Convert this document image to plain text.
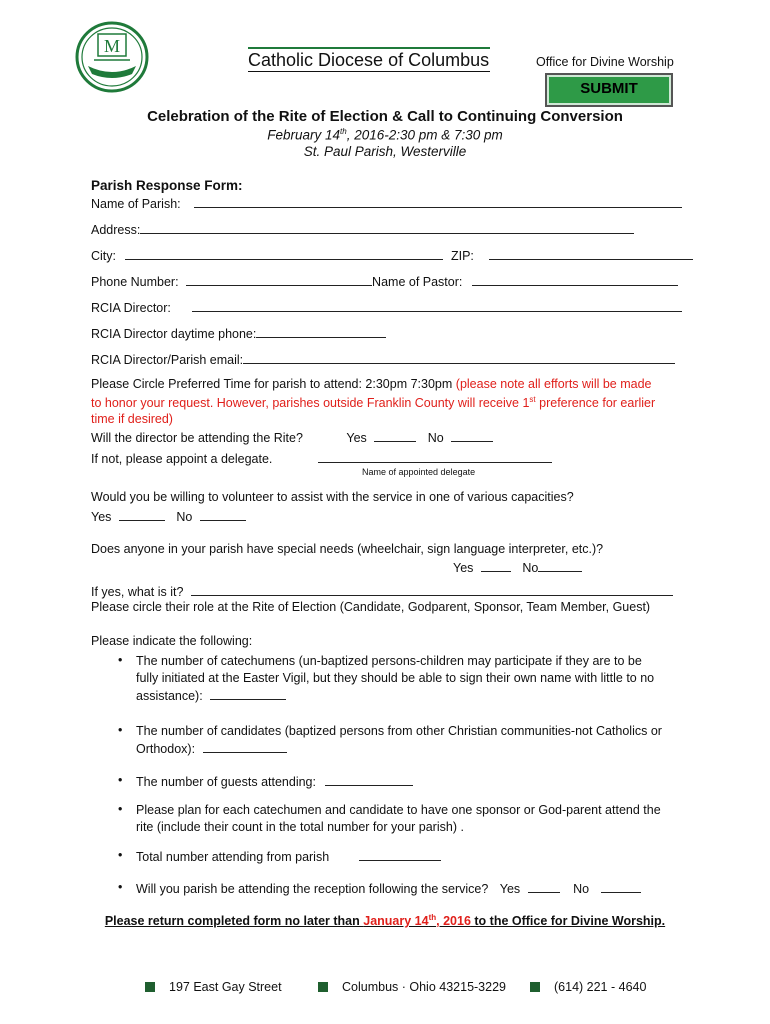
M
Catholic Diocese of Columbus	Office for Divine Worship
SUBMIT
Celebration of the Rite of Election & Call to Continuing Conversion
February 14th, 2016-2:30 pm & 7:30 pm
St. Paul Parish, Westerville
Parish Response Form:
Name of Parish:
Address:
City:	ZIP:
Phone Number:	Name of Pastor:
RCIA Director:
RCIA Director daytime phone:
RCIA Director/Parish email:
Please Circle Preferred Time for parish to attend: 2:30pm 7:30pm (please note all efforts will be made
to honor your request. However, parishes outside Franklin County will receive 1st preference for earlier
time if desired)
Will the director be attending the Rite?	Yes	No
If not, please appoint a delegate.
Name of appointed delegate
Would you be willing to volunteer to assist with the service in one of various capacities?
Yes	No
Does anyone in your parish have special needs (wheelchair, sign language interpreter, etc.)?
Yes	No
If yes, what is it?
Please circle their role at the Rite of Election (Candidate, Godparent, Sponsor, Team Member, Guest)
Please indicate the following:
• The number of catechumens (un-baptized persons-children may participate if they are to be
fully initiated at the Easter Vigil, but they should be able to sign their own name with little to no
assistance):
• The number of candidates (baptized persons from other Christian communities-not Catholics or
Orthodox):
• The number of guests attending:
• Please plan for each catechumen and candidate to have one sponsor or God-parent attend the
rite (include their count in the total number for your parish) .
• Total number attending from parish
• Will you parish be attending the reception following the service? Yes	No
Please return completed form no later than January 14th, 2016 to the Office for Divine Worship.
197 East Gay Street	Columbus · Ohio 43215-3229	(614) 221 - 4640
